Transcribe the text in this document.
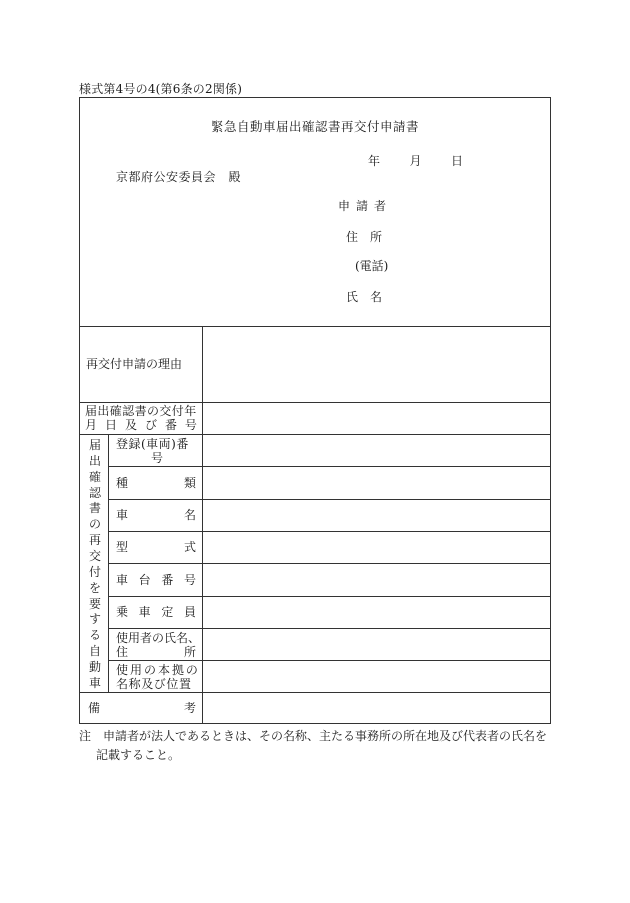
様式第4号の4(第6条の2関係)
緊急自動車届出確認書再交付申請書
年 月 日
京都府公安委員会　殿
申請者
住所
(電話)
氏名
再交付申請の理由
届出確認書の交付年
月 日 及 び 番 号
届
出
確
認
書
の
再
交
付
を
要
す
る
自
動
車
登録(車両)番
号
種	類
車	名
型	式
車 台 番 号
乗 車 定 員
使用者の氏名、
住	所
使 用 の 本 拠 の
名称及び位置
備	考
注　申請者が法人であるときは、その名称、主たる事務所の所在地及び代表者の氏名を
記載すること。
